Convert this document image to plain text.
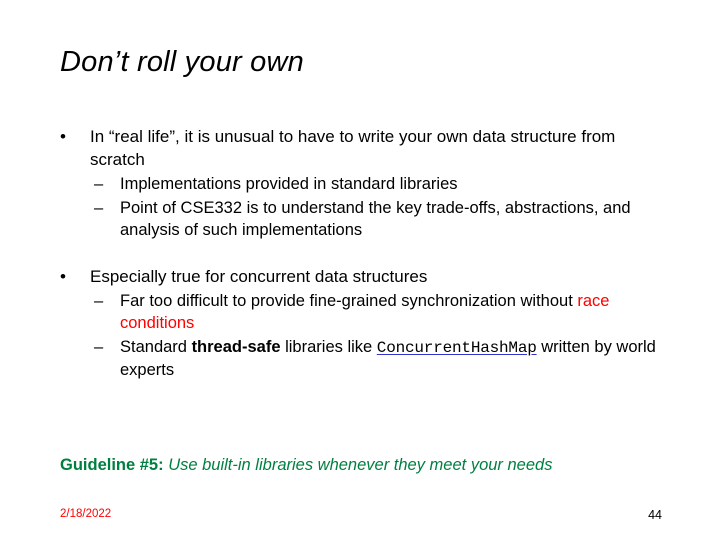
Don’t roll your own
• In “real life”, it is unusual to have to write your own data structure from scratch
– Implementations provided in standard libraries
– Point of CSE332 is to understand the key trade-offs, abstractions, and analysis of such implementations
• Especially true for concurrent data structures
– Far too difficult to provide fine-grained synchronization without race conditions
– Standard thread-safe libraries like ConcurrentHashMap written by world experts
Guideline #5: Use built-in libraries whenever they meet your needs
2/18/2022	44
